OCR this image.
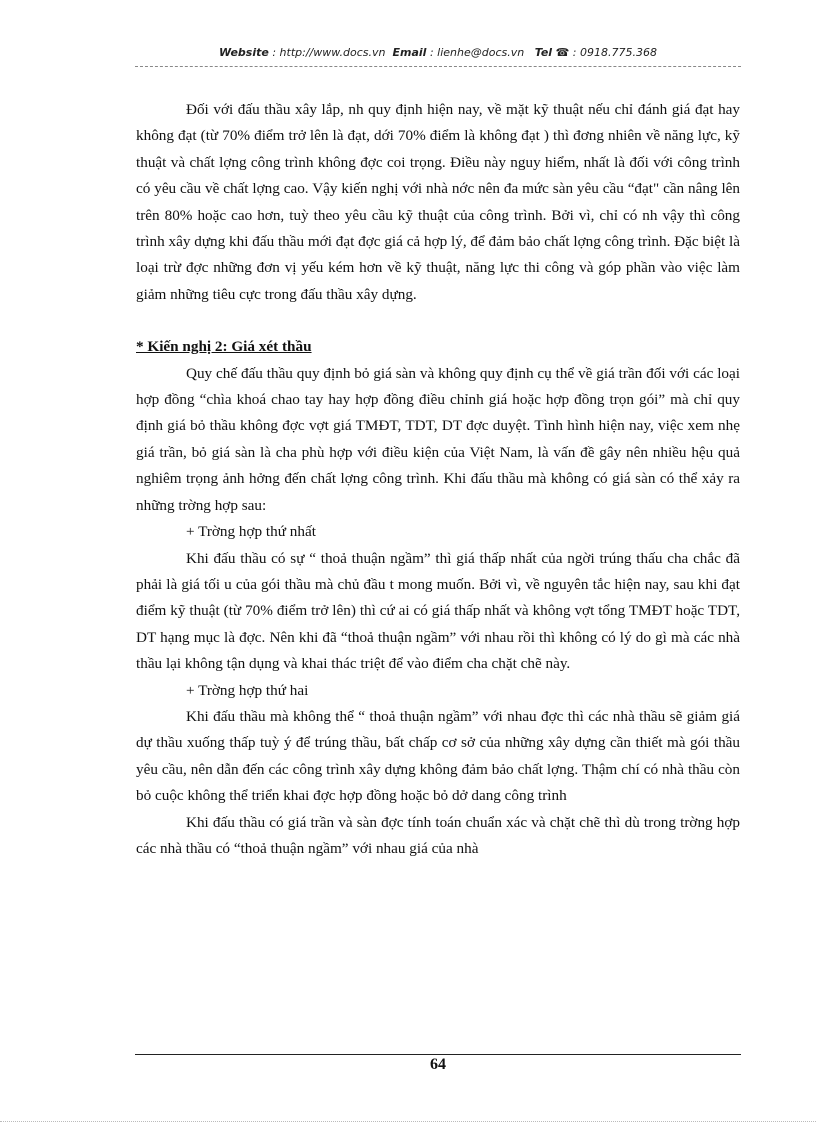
Website : http://www.docs.vn Email : lienhe@docs.vn Tel ☎ : 0918.775.368

Đối với đấu thầu xây lắp, nh quy định hiện nay, về mặt kỹ thuật nếu chỉ đánh giá đạt hay không đạt (từ 70% điểm trở lên là đạt, dới 70% điểm là không đạt ) thì đơng nhiên về năng lực, kỹ thuật và chất lợng công trình không đợc coi trọng. Điều này nguy hiểm, nhất là đối với công trình có yêu cầu về chất lợng cao. Vậy kiến nghị với nhà nớc nên đa mức sàn yêu cầu “đạt" cần nâng lên trên 80% hoặc cao hơn, tuỳ theo yêu cầu kỹ thuật của công trình. Bởi vì, chỉ có nh vậy thì công trình xây dựng khi đấu thầu mới đạt đợc giá cả hợp lý, để đảm bảo chất lợng công trình. Đặc biệt là loại trừ đợc những đơn vị yếu kém hơn về kỹ thuật, năng lực thi công và góp phần vào việc làm giảm những tiêu cực trong đấu thầu xây dựng.

* Kiến nghị 2: Giá xét thầu

Quy chế đấu thầu quy định bỏ giá sàn và không quy định cụ thể về giá trần đối với các loại hợp đồng “chìa khoá chao tay hay hợp đồng điều chỉnh giá hoặc hợp đồng trọn gói” mà chỉ quy định giá bỏ thầu không đợc vợt giá TMĐT, TDT, DT đợc duyệt. Tình hình hiện nay, việc xem nhẹ giá trần, bỏ giá sàn là cha phù hợp với điều kiện của Việt Nam, là vấn đề gây nên nhiều hệu quả nghiêm trọng ảnh hởng đến chất lợng công trình. Khi đấu thầu mà không có giá sàn có thể xảy ra những trờng hợp sau:

+ Trờng hợp thứ nhất

Khi đấu thầu có sự “ thoả thuận ngầm” thì giá thấp nhất của ngời trúng thấu cha chắc đã phải là giá tối u của gói thầu mà chủ đầu t mong muốn. Bởi vì, về nguyên tắc hiện nay, sau khi đạt điểm kỹ thuật (từ 70% điểm trở lên) thì cứ ai có giá thấp nhất và không vợt tổng TMĐT hoặc TDT, DT hạng mục là đợc. Nên khi đã “thoả thuận ngầm” với nhau rồi thì không có lý do gì mà các nhà thầu lại không tận dụng và khai thác triệt để vào điểm cha chặt chẽ này.

+ Trờng hợp thứ hai

Khi đấu thầu mà không thể “ thoả thuận ngầm” với nhau đợc thì các nhà thầu sẽ giảm giá dự thầu xuống thấp tuỳ ý để trúng thầu, bất chấp cơ sở của những xây dựng cần thiết mà gói thầu yêu cầu, nên dẫn đến các công trình xây dựng không đảm bảo chất lợng. Thậm chí có nhà thầu còn bỏ cuộc không thể triển khai đợc hợp đồng hoặc bỏ dở dang công trình

Khi đấu thầu có giá trần và sàn đợc tính toán chuẩn xác và chặt chẽ thì dù trong trờng hợp các nhà thầu có “thoả thuận ngầm” với nhau giá của nhà

64
